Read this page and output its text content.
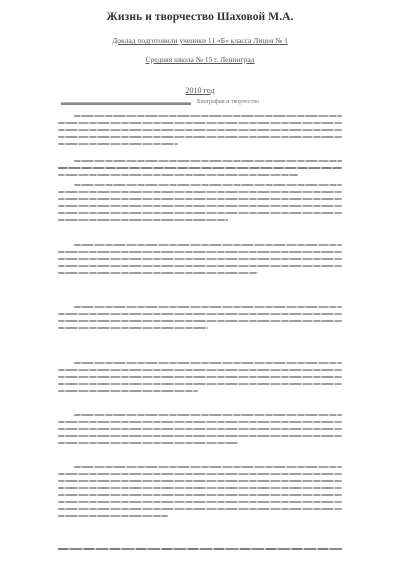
Жизнь и творчество Шаховой М.А.
Доклад подготовили ученики 11 «Б» класса Лицея № 1
Средняя школа № 15 г. Ленинград
2010 год
Биография и творчество
